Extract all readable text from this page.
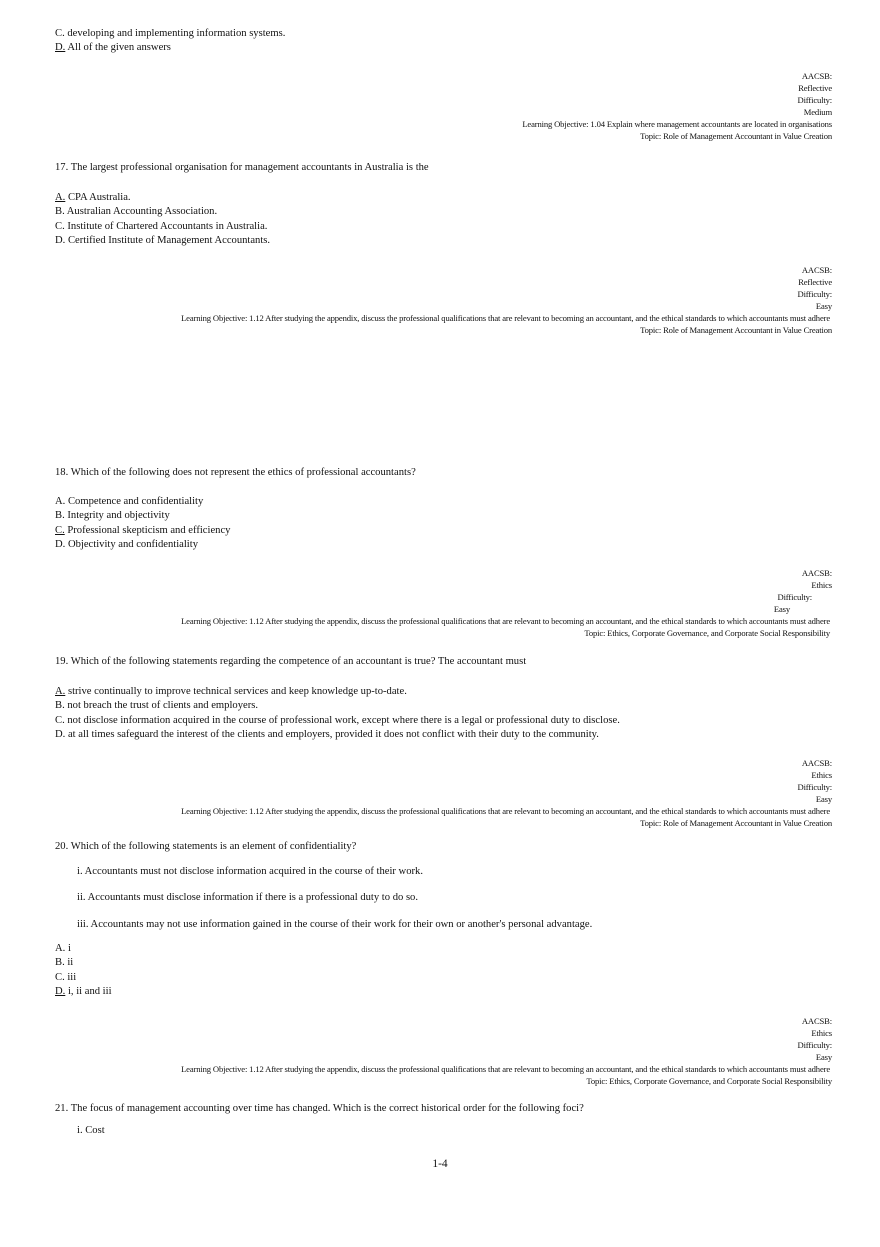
C. developing and implementing information systems.
D. All of the given answers
AACSB:
Reflective
Difficulty:
Medium
Learning Objective: 1.04 Explain where management accountants are located in organisations
Topic: Role of Management Accountant in Value Creation
17. The largest professional organisation for management accountants in Australia is the
A. CPA Australia.
B. Australian Accounting Association.
C. Institute of Chartered Accountants in Australia.
D. Certified Institute of Management Accountants.
AACSB:
Reflective
Difficulty:
Easy
Learning Objective: 1.12 After studying the appendix, discuss the professional qualifications that are relevant to becoming an accountant, and the ethical standards to which accountants must adhere
Topic: Role of Management Accountant in Value Creation
18. Which of the following does not represent the ethics of professional accountants?
A. Competence and confidentiality
B. Integrity and objectivity
C. Professional skepticism and efficiency
D. Objectivity and confidentiality
AACSB:
Ethics
Difficulty:
Easy
Learning Objective: 1.12 After studying the appendix, discuss the professional qualifications that are relevant to becoming an accountant, and the ethical standards to which accountants must adhere
Topic: Ethics, Corporate Governance, and Corporate Social Responsibility
19. Which of the following statements regarding the competence of an accountant is true? The accountant must
A. strive continually to improve technical services and keep knowledge up-to-date.
B. not breach the trust of clients and employers.
C. not disclose information acquired in the course of professional work, except where there is a legal or professional duty to disclose.
D. at all times safeguard the interest of the clients and employers, provided it does not conflict with their duty to the community.
AACSB:
Ethics
Difficulty:
Easy
Learning Objective: 1.12 After studying the appendix, discuss the professional qualifications that are relevant to becoming an accountant, and the ethical standards to which accountants must adhere
Topic: Role of Management Accountant in Value Creation
20. Which of the following statements is an element of confidentiality?
i. Accountants must not disclose information acquired in the course of their work.
ii. Accountants must disclose information if there is a professional duty to do so.
iii. Accountants may not use information gained in the course of their work for their own or another's personal advantage.
A. i
B. ii
C. iii
D. i, ii and iii
AACSB:
Ethics
Difficulty:
Easy
Learning Objective: 1.12 After studying the appendix, discuss the professional qualifications that are relevant to becoming an accountant, and the ethical standards to which accountants must adhere
Topic: Ethics, Corporate Governance, and Corporate Social Responsibility
21. The focus of management accounting over time has changed. Which is the correct historical order for the following foci?
i. Cost
1-4
